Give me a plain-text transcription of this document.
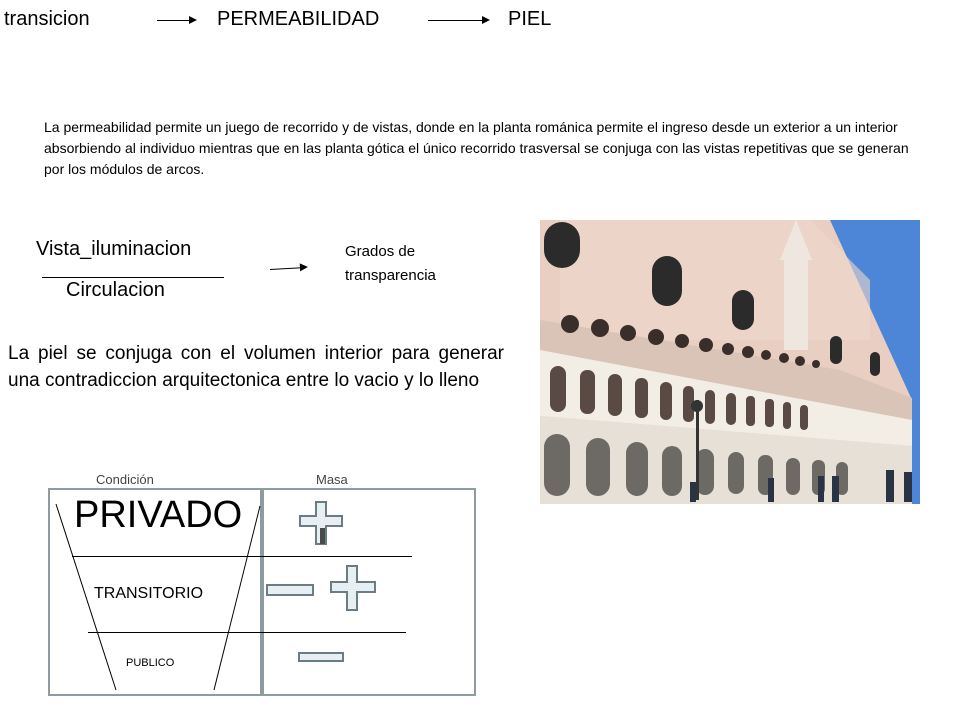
transicion	PERMEABILIDAD	PIEL
La permeabilidad permite un juego de recorrido y de vistas, donde en la planta románica permite el ingreso desde un exterior a un interior absorbiendo al individuo mientras que en las planta gótica el único recorrido trasversal se conjuga con las vistas repetitivas que se generan por los módulos de arcos.
Vista_iluminacion
Circulacion
Grados de transparencia
La piel se conjuga con el volumen interior para generar una contradiccion arquitectonica entre lo vacio y lo lleno
Condición	Masa
PRIVADO
TRANSITORIO
PUBLICO
